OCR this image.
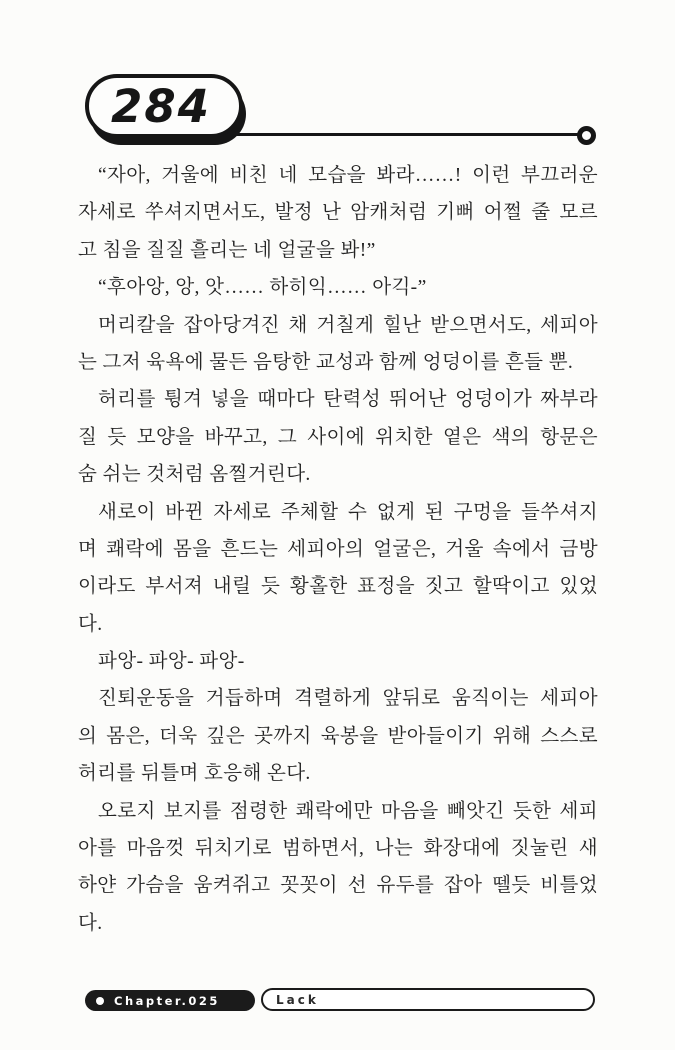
284
“자아, 거울에 비친 네 모습을 봐라……! 이런 부끄러운
자세로 쑤셔지면서도, 발정 난 암캐처럼 기뻐 어쩔 줄 모르
고 침을 질질 흘리는 네 얼굴을 봐!”
“후아앙, 앙, 앗…… 하히익…… 아긱-”
머리칼을 잡아당겨진 채 거칠게 힐난 받으면서도, 세피아
는 그저 육욕에 물든 음탕한 교성과 함께 엉덩이를 흔들 뿐.
허리를 튕겨 넣을 때마다 탄력성 뛰어난 엉덩이가 짜부라
질 듯 모양을 바꾸고, 그 사이에 위치한 옅은 색의 항문은
숨 쉬는 것처럼 옴찔거린다.
새로이 바뀐 자세로 주체할 수 없게 된 구멍을 들쑤셔지
며 쾌락에 몸을 흔드는 세피아의 얼굴은, 거울 속에서 금방
이라도 부서져 내릴 듯 황홀한 표정을 짓고 할딱이고 있었
다.
파앙- 파앙- 파앙-
진퇴운동을 거듭하며 격렬하게 앞뒤로 움직이는 세피아
의 몸은, 더욱 깊은 곳까지 육봉을 받아들이기 위해 스스로
허리를 뒤틀며 호응해 온다.
오로지 보지를 점령한 쾌락에만 마음을 빼앗긴 듯한 세피
아를 마음껏 뒤치기로 범하면서, 나는 화장대에 짓눌린 새
하얀 가슴을 움켜쥐고 꼿꼿이 선 유두를 잡아 뗄듯 비틀었
다.
Chapter.025	Lack
